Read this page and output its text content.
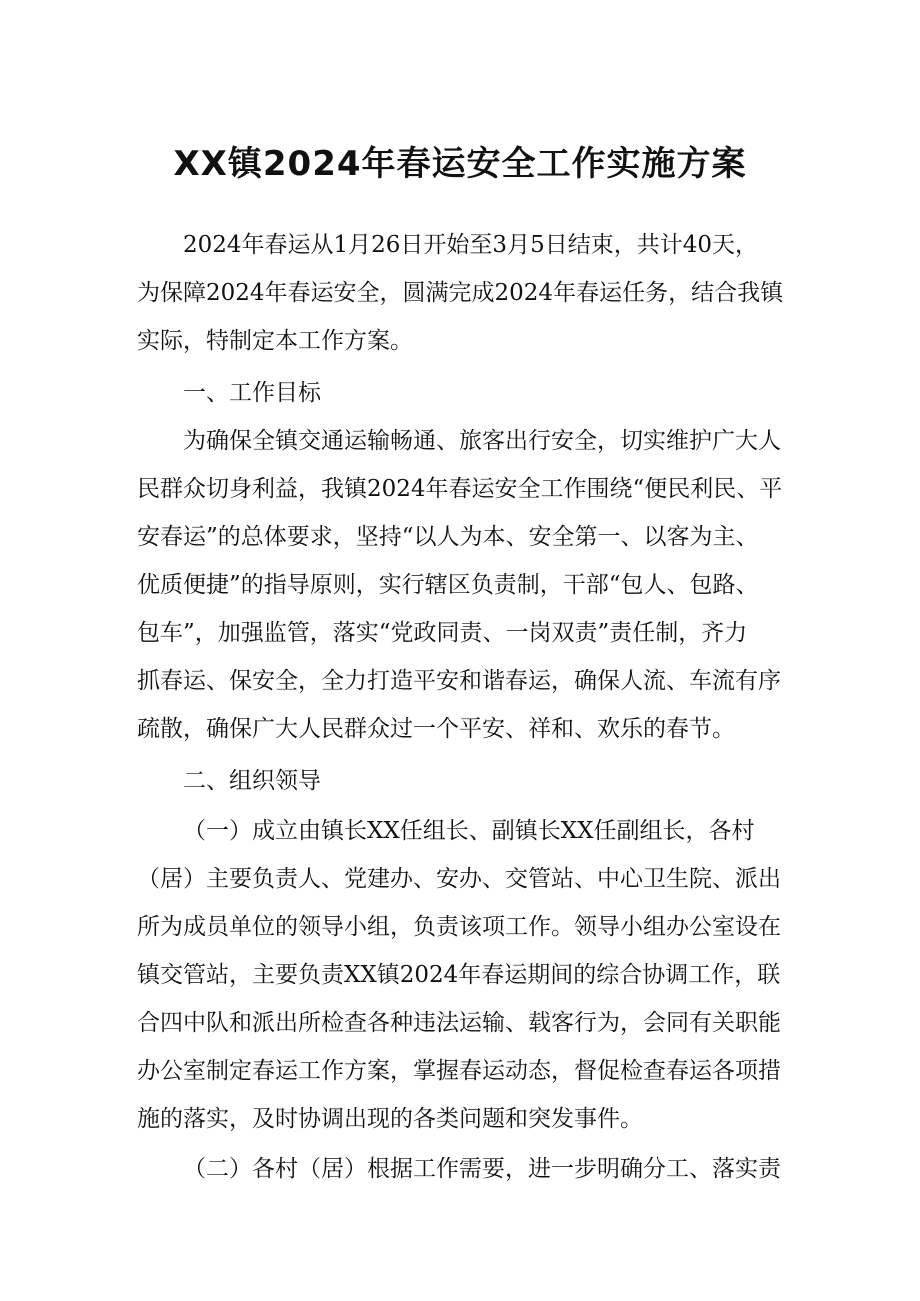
XX镇2024年春运安全工作实施方案

2024年春运从1月26日开始至3月5日结束，共计40天，

为保障2024年春运安全，圆满完成2024年春运任务，结合我镇

实际，特制定本工作方案。

一、工作目标

为确保全镇交通运输畅通、旅客出行安全，切实维护广大人

民群众切身利益，我镇2024年春运安全工作围绕“便民利民、平

安春运”的总体要求，坚持“以人为本、安全第一、以客为主、

优质便捷”的指导原则，实行辖区负责制，干部“包人、包路、

包车”，加强监管，落实“党政同责、一岗双责”责任制，齐力

抓春运、保安全，全力打造平安和谐春运，确保人流、车流有序

疏散，确保广大人民群众过一个平安、祥和、欢乐的春节。

二、组织领导

（一）成立由镇长XX任组长、副镇长XX任副组长，各村

（居）主要负责人、党建办、安办、交管站、中心卫生院、派出

所为成员单位的领导小组，负责该项工作。领导小组办公室设在

镇交管站，主要负责XX镇2024年春运期间的综合协调工作，联

合四中队和派出所检查各种违法运输、载客行为，会同有关职能

办公室制定春运工作方案，掌握春运动态，督促检查春运各项措

施的落实，及时协调出现的各类问题和突发事件。

（二）各村（居）根据工作需要，进一步明确分工、落实责
